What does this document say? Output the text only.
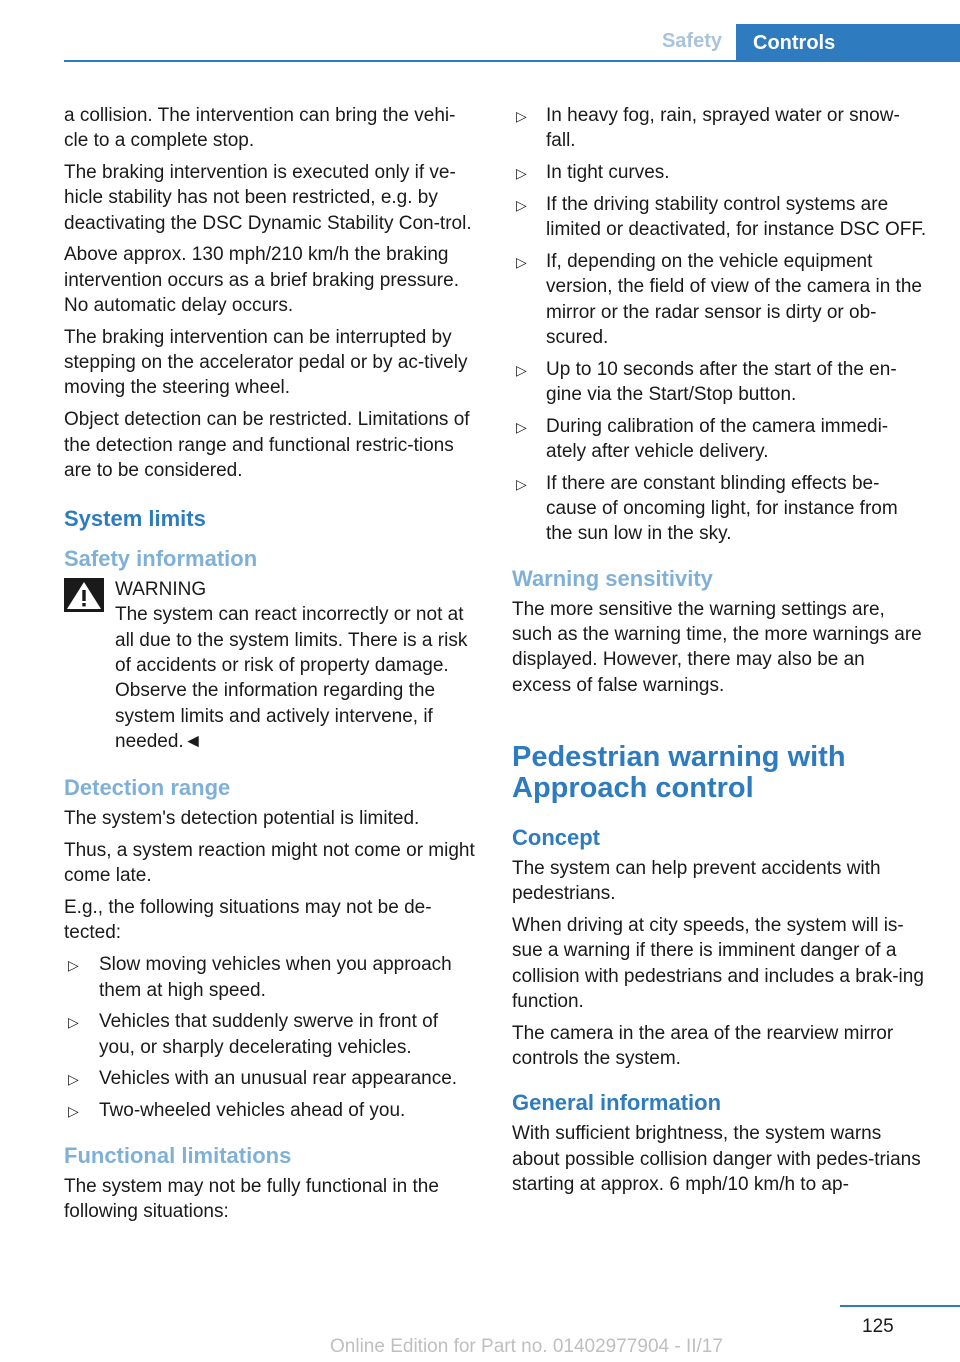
Safety	Controls

a collision. The intervention can bring the vehi-cle to a complete stop.

The braking intervention is executed only if ve-hicle stability has not been restricted, e.g. by deactivating the DSC Dynamic Stability Con-trol.

Above approx. 130 mph/210 km/h the braking intervention occurs as a brief braking pressure. No automatic delay occurs.

The braking intervention can be interrupted by stepping on the accelerator pedal or by ac-tively moving the steering wheel.

Object detection can be restricted. Limitations of the detection range and functional restric-tions are to be considered.

System limits
Safety information
WARNING
The system can react incorrectly or not at all due to the system limits. There is a risk of accidents or risk of property damage. Observe the information regarding the system limits and actively intervene, if needed.◄
Detection range

The system's detection potential is limited.

Thus, a system reaction might not come or might come late.

E.g., the following situations may not be de-tected:

▷ Slow moving vehicles when you approach them at high speed.
▷ Vehicles that suddenly swerve in front of you, or sharply decelerating vehicles.
▷ Vehicles with an unusual rear appearance.
▷ Two-wheeled vehicles ahead of you.
Functional limitations

The system may not be fully functional in the following situations:

▷ In heavy fog, rain, sprayed water or snow-fall.
▷ In tight curves.
▷ If the driving stability control systems are limited or deactivated, for instance DSC OFF.
▷ If, depending on the vehicle equipment version, the field of view of the camera in the mirror or the radar sensor is dirty or ob-scured.
▷ Up to 10 seconds after the start of the en-gine via the Start/Stop button.
▷ During calibration of the camera immedi-ately after vehicle delivery.
▷ If there are constant blinding effects be-cause of oncoming light, for instance from the sun low in the sky.
Warning sensitivity

The more sensitive the warning settings are, such as the warning time, the more warnings are displayed. However, there may also be an excess of false warnings.

Pedestrian warning with Approach control
Concept

The system can help prevent accidents with pedestrians.

When driving at city speeds, the system will is-sue a warning if there is imminent danger of a collision with pedestrians and includes a brak-ing function.

The camera in the area of the rearview mirror controls the system.

General information

With sufficient brightness, the system warns about possible collision danger with pedes-trians starting at approx. 6 mph/10 km/h to ap-

125
Online Edition for Part no. 01402977904 - II/17
